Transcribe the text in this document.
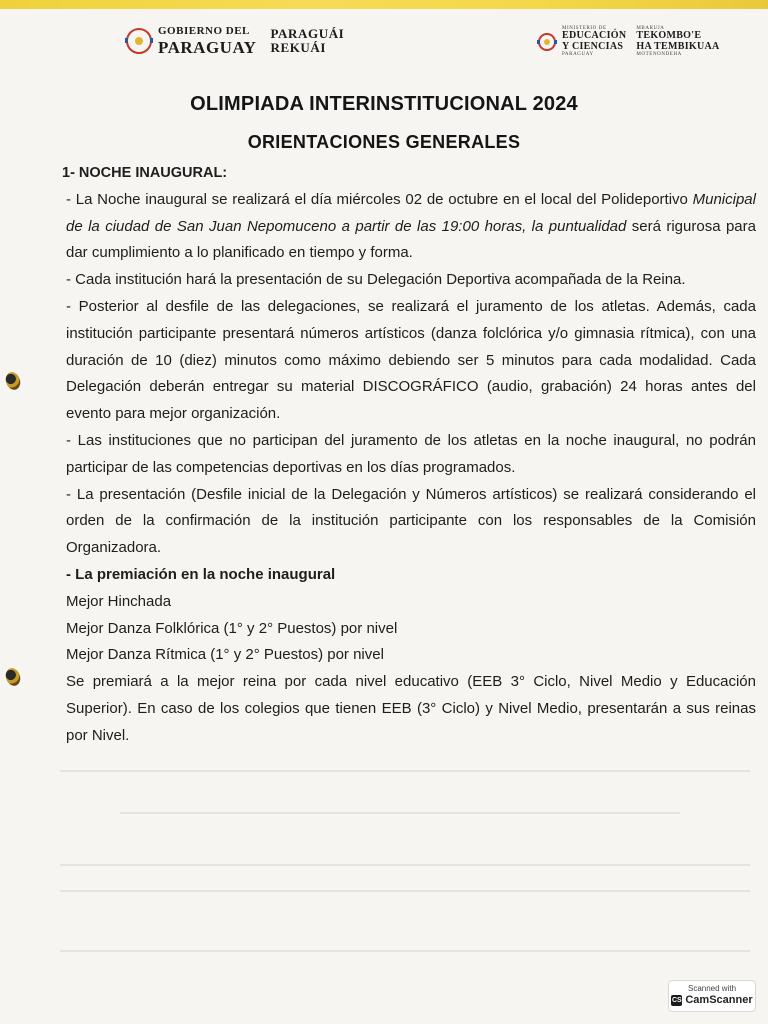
GOBIERNO DEL
PARAGUAY
PARAGUÁI
REKUÁI
MINISTERIO DE
EDUCACIÓN
Y CIENCIAS
PARAGUAY
MBARUJA
TEKOMBO'E
HA TEMBIKUAA
MOTENONDEHA
OLIMPIADA INTERINSTITUCIONAL 2024
ORIENTACIONES GENERALES
1- NOCHE INAUGURAL:
- La Noche inaugural se realizará el día miércoles 02 de octubre en el local del Polideportivo Municipal de la ciudad de San Juan Nepomuceno a partir de las 19:00 horas, la puntualidad será rigurosa para dar cumplimiento a lo planificado en tiempo y forma.
- Cada institución hará la presentación de su Delegación Deportiva acompañada de la Reina.
- Posterior al desfile de las delegaciones, se realizará el juramento de los atletas. Además, cada institución participante presentará números artísticos (danza folclórica y/o gimnasia rítmica), con una duración de 10 (diez) minutos como máximo debiendo ser 5 minutos para cada modalidad. Cada Delegación deberán entregar su material DISCOGRÁFICO (audio, grabación) 24 horas antes del evento para mejor organización.
- Las instituciones que no participan del juramento de los atletas en la noche inaugural, no podrán participar de las competencias deportivas en los días programados.
- La presentación (Desfile inicial de la Delegación y Números artísticos) se realizará considerando el orden de la confirmación de la institución participante con los responsables de la Comisión Organizadora.
- La premiación en la noche inaugural
Mejor Hinchada
Mejor Danza Folklórica (1° y 2° Puestos) por nivel
Mejor Danza Rítmica (1° y 2° Puestos) por nivel
Se premiará a la mejor reina por cada nivel educativo (EEB 3° Ciclo, Nivel Medio y Educación Superior). En caso de los colegios que tienen EEB (3° Ciclo) y Nivel Medio, presentarán a sus reinas por Nivel.
Scanned with
CS CamScanner
